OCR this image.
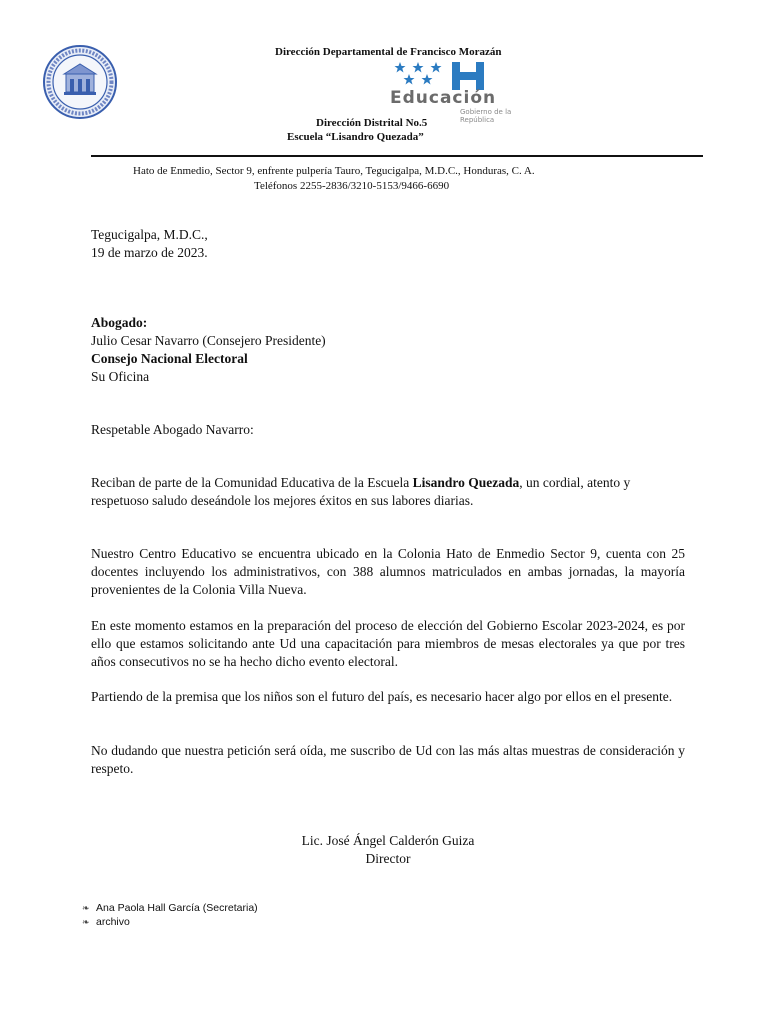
Dirección Departamental de Francisco Morazán
Educación
Gobierno de la República
Dirección Distrital No.5
Escuela “Lisandro Quezada”
Hato de Enmedio, Sector 9, enfrente pulpería Tauro, Tegucigalpa, M.D.C., Honduras, C. A.
Teléfonos 2255-2836/3210-5153/9466-6690
Tegucigalpa, M.D.C.,
19 de marzo de 2023.
Abogado:
Julio Cesar Navarro (Consejero Presidente)
Consejo Nacional Electoral
Su Oficina
Respetable Abogado Navarro:
Reciban de parte de la Comunidad Educativa de la Escuela Lisandro Quezada, un cordial, atento y respetuoso saludo deseándole los mejores éxitos en sus labores diarias.
Nuestro Centro Educativo se encuentra ubicado en la Colonia Hato de Enmedio Sector 9, cuenta con 25 docentes incluyendo los administrativos, con 388 alumnos matriculados en ambas jornadas, la mayoría provenientes de la Colonia Villa Nueva.
En este momento estamos en la preparación del proceso de elección del Gobierno Escolar 2023-2024, es por ello que estamos solicitando ante Ud una capacitación para miembros de mesas electorales ya que por tres años consecutivos no se ha hecho dicho evento electoral.
Partiendo de la premisa que los niños son el futuro del país, es necesario hacer algo por ellos en el presente.
No dudando que nuestra petición será oída, me suscribo de Ud con las más altas muestras de consideración y respeto.
Lic. José Ángel Calderón Guiza
Director
❧ Ana Paola Hall García (Secretaria)
❧ archivo
